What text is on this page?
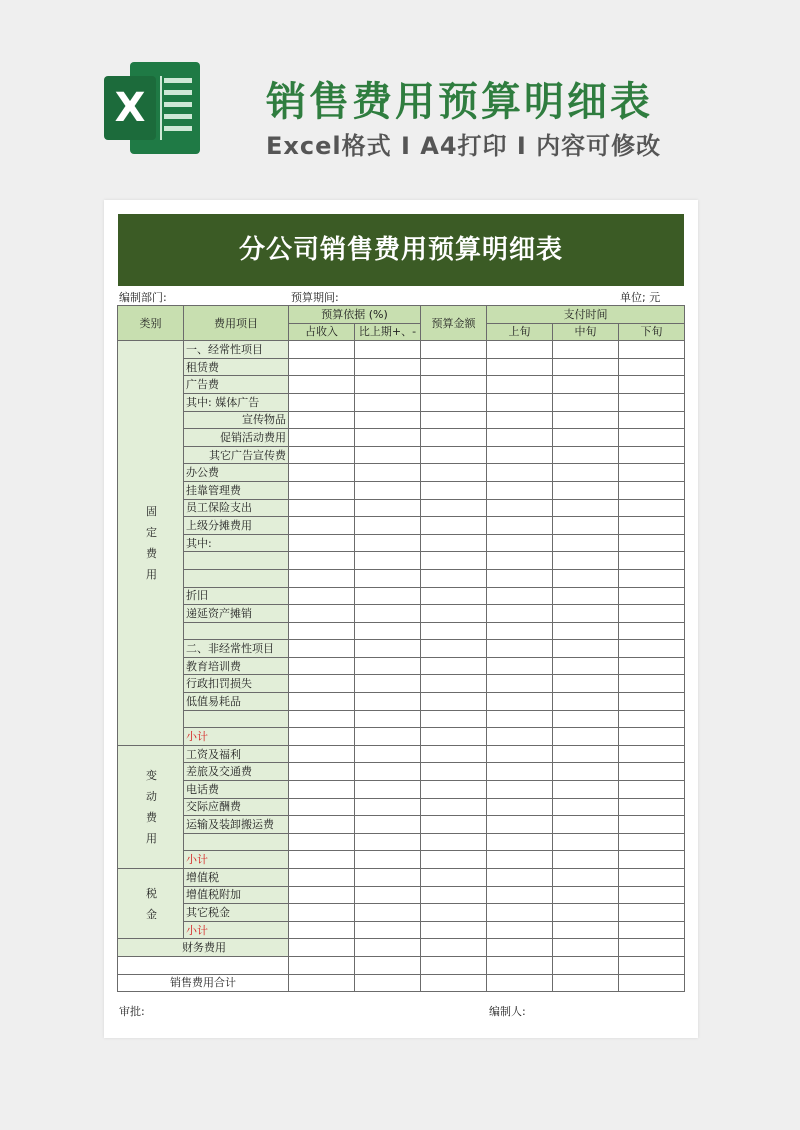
X	销售费用预算明细表
Excel格式 I A4打印 I 内容可修改
分公司销售费用预算明细表
编制部门:	预算期间:	单位; 元
类别	费用项目	预算依据 (%)		预算金额	支付时间		
		占收入	比上期+、-		上旬	中旬	下旬
固定费用	一、经常性项目						
	租赁费						
	广告费						
	其中: 媒体广告						
	宣传物品						
	促销活动费用						
	其它广告宣传费						
	办公费						
	挂靠管理费						
	员工保险支出						
	上级分摊费用						
	其中:						

	折旧						
	递延资产摊销						

	二、非经常性项目						
	教育培训费						
	行政扣罚损失						
	低值易耗品						

	小计						
变动费用	工资及福利						
	差旅及交通费						
	电话费						
	交际应酬费						
	运输及装卸搬运费						

	小计						
税金	增值税						
	增值税附加						
	其它税金						
	小计						
财务费用							

销售费用合计							
审批:	编制人:
